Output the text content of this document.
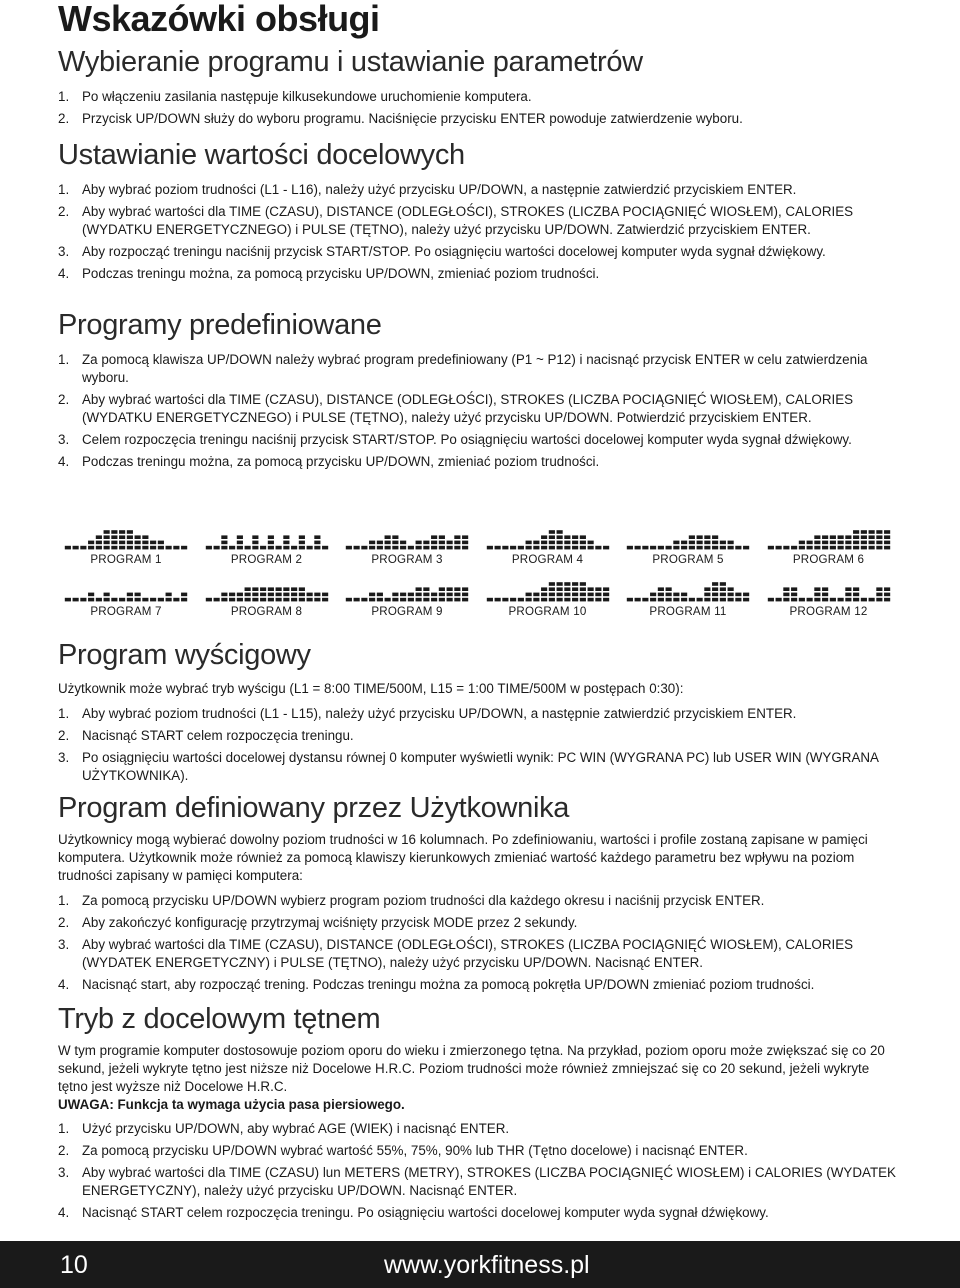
Wskazówki obsługi
Wybieranie programu i ustawianie parametrów
1. Po włączeniu zasilania następuje kilkusekundowe uruchomienie komputera.
2. Przycisk UP/DOWN służy do wyboru programu. Naciśnięcie przycisku ENTER powoduje zatwierdzenie wyboru.
Ustawianie wartości docelowych
1. Aby wybrać poziom trudności (L1 - L16), należy użyć przycisku UP/DOWN, a następnie zatwierdzić przyciskiem ENTER.
2. Aby wybrać wartości dla TIME (CZASU), DISTANCE (ODLEGŁOŚCI), STROKES (LICZBA POCIĄGNIĘĆ WIOSŁEM), CALORIES (WYDATKU ENERGETYCZNEGO) i PULSE (TĘTNO), należy użyć przycisku UP/DOWN. Zatwierdzić przyciskiem ENTER.
3. Aby rozpocząć treningu naciśnij przycisk START/STOP. Po osiągnięciu wartości docelowej komputer wyda sygnał dźwiękowy.
4. Podczas treningu można, za pomocą przycisku UP/DOWN, zmieniać poziom trudności.
Programy predefiniowane
1. Za pomocą klawisza UP/DOWN należy wybrać program predefiniowany (P1 ~ P12) i nacisnąć przycisk ENTER w celu zatwierdzenia wyboru.
2. Aby wybrać wartości dla TIME (CZASU), DISTANCE (ODLEGŁOŚCI), STROKES (LICZBA POCIĄGNIĘĆ WIOSŁEM), CALORIES (WYDATKU ENERGETYCZNEGO) i PULSE (TĘTNO), należy użyć przycisku UP/DOWN. Potwierdzić przyciskiem ENTER.
3. Celem rozpoczęcia treningu naciśnij przycisk START/STOP. Po osiągnięciu wartości docelowej komputer wyda sygnał dźwiękowy.
4. Podczas treningu można, za pomocą przycisku UP/DOWN, zmieniać poziom trudności.
PROGRAM 1	PROGRAM 2	PROGRAM 3	PROGRAM 4	PROGRAM 5	PROGRAM 6
PROGRAM 7	PROGRAM 8	PROGRAM 9	PROGRAM 10	PROGRAM 11	PROGRAM 12
Program wyścigowy

Użytkownik może wybrać tryb wyścigu (L1 = 8:00 TIME/500M, L15 = 1:00 TIME/500M w postępach 0:30):

1. Aby wybrać poziom trudności (L1 - L15), należy użyć przycisku UP/DOWN, a następnie zatwierdzić przyciskiem ENTER.
2. Nacisnąć START celem rozpoczęcia treningu.
3. Po osiągnięciu wartości docelowej dystansu równej 0 komputer wyświetli wynik: PC WIN (WYGRANA PC) lub USER WIN (WYGRANA UŻYTKOWNIKA).
Program definiowany przez Użytkownika

Użytkownicy mogą wybierać dowolny poziom trudności w 16 kolumnach. Po zdefiniowaniu, wartości i profile zostaną zapisane w pamięci komputera. Użytkownik może również za pomocą klawiszy kierunkowych zmieniać wartość każdego parametru bez wpływu na poziom trudności zapisany w pamięci komputera:

1. Za pomocą przycisku UP/DOWN wybierz program poziom trudności dla każdego okresu i naciśnij przycisk ENTER.
2. Aby zakończyć konfigurację przytrzymaj wciśnięty przycisk MODE przez 2 sekundy.
3. Aby wybrać wartości dla TIME (CZASU), DISTANCE (ODLEGŁOŚCI), STROKES (LICZBA POCIĄGNIĘĆ WIOSŁEM), CALORIES (WYDATEK ENERGETYCZNY) i PULSE (TĘTNO), należy użyć przycisku UP/DOWN. Nacisnąć ENTER.
4. Nacisnąć start, aby rozpocząć trening. Podczas treningu można za pomocą pokrętła UP/DOWN zmieniać poziom trudności.
Tryb z docelowym tętnem

W tym programie komputer dostosowuje poziom oporu do wieku i zmierzonego tętna. Na przykład, poziom oporu może zwiększać się co 20 sekund, jeżeli wykryte tętno jest niższe niż Docelowe H.R.C. Poziom trudności może również zmniejszać się co 20 sekund, jeżeli wykryte tętno jest wyższe niż Docelowe H.R.C.
UWAGA: Funkcja ta wymaga użycia pasa piersiowego.

1. Użyć przycisku UP/DOWN, aby wybrać AGE (WIEK) i nacisnąć ENTER.
2. Za pomocą przycisku UP/DOWN wybrać wartość 55%, 75%, 90% lub THR (Tętno docelowe) i nacisnąć ENTER.
3. Aby wybrać wartości dla TIME (CZASU) lun METERS (METRY), STROKES (LICZBA POCIĄGNIĘĆ WIOSŁEM) i CALORIES (WYDATEK ENERGETYCZNY), należy użyć przycisku UP/DOWN. Nacisnąć ENTER.
4. Nacisnąć START celem rozpoczęcia treningu. Po osiągnięciu wartości docelowej komputer wyda sygnał dźwiękowy.
10	www.yorkfitness.pl
